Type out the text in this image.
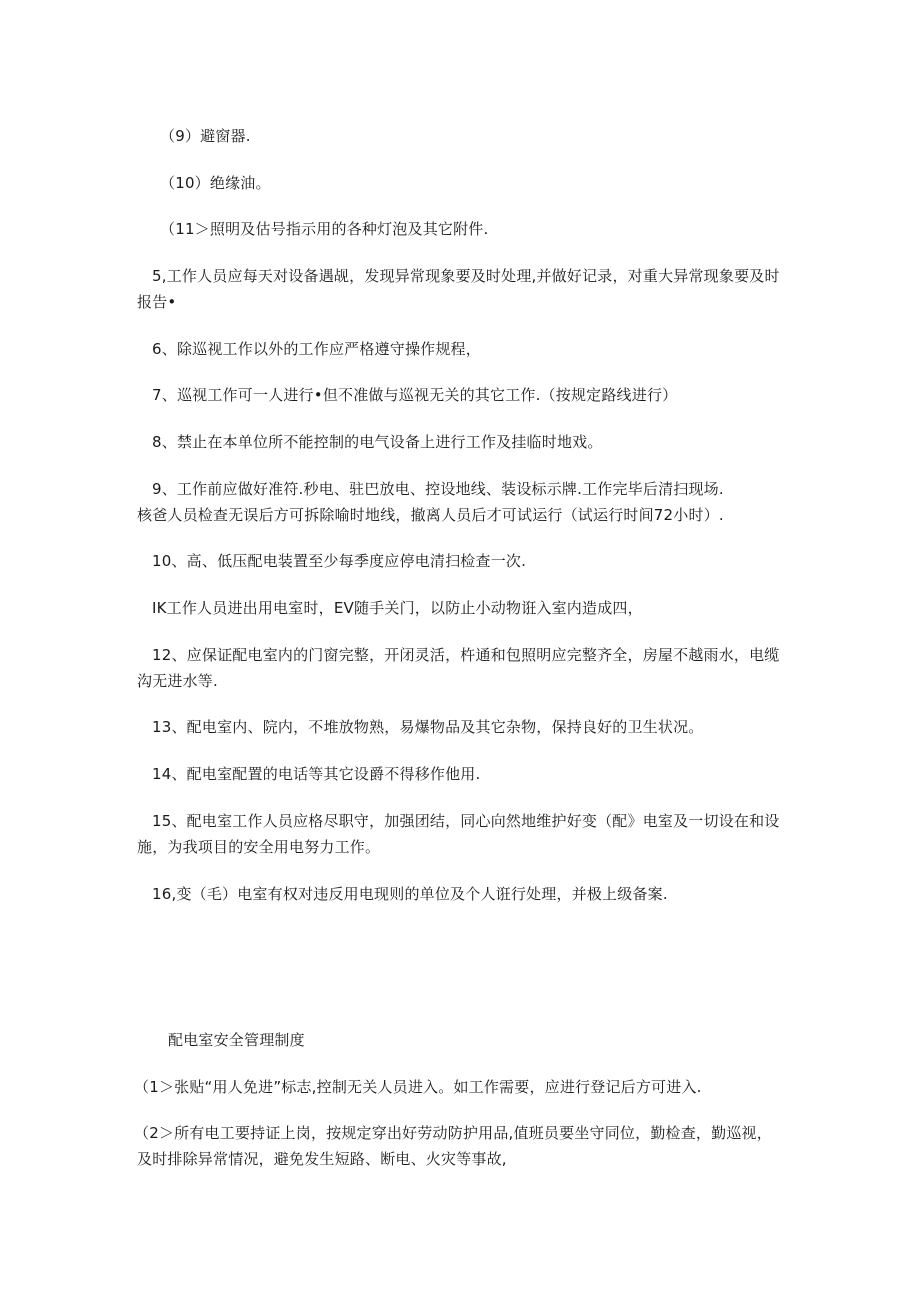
（9）避窗器.
（10）绝缘油。
（11＞照明及估号指示用的各种灯泡及其它附件.
5,工作人员应每天对设备遇觇，发现异常现象要及时处理,并做好记录，对重大异常现象要及时
报告•
6、除巡视工作以外的工作应严格遵守操作规程，
7、巡视工作可一人进行•但不准做与巡视无关的其它工作.（按规定路线进行）
8、禁止在本单位所不能控制的电气设备上进行工作及挂临时地戏。
9、工作前应做好准符.秒电、驻巴放电、控设地线、装设标示牌.工作完毕后清扫现场.
核爸人员检查无误后方可拆除喻时地线，撤离人员后才可试运行（试运行时间72小时）.
10、高、低压配电装置至少每季度应停电清扫检查一次.
IK工作人员进出用电室时，EV随手关门，以防止小动物诳入室内造成四，
12、应保证配电室内的门窗完整，开闭灵活，杵通和包照明应完整齐全，房屋不越雨水，电缆
沟无进水等.
13、配电室内、院内，不堆放物熟，易爆物品及其它杂物，保持良好的卫生状况。
14、配电室配置的电话等其它设爵不得移作他用.
15、配电室工作人员应格尽职守，加强团结，同心向然地维护好变（配》电室及一切设在和设
施，为我项目的安全用电努力工作。
16,变（毛）电室有权对违反用电现则的单位及个人诳行处理，并极上级备案.
配电室安全管理制度
（1＞张贴“用人免进”标志,控制无关人员进入。如工作需要，应进行登记后方可进入.
（2＞所有电工要持证上岗，按规定穿出好劳动防护用品,值班员要坐守同位，勤检查，勤巡视，
及时排除异常情况，避免发生短路、断电、火灾等事故,
